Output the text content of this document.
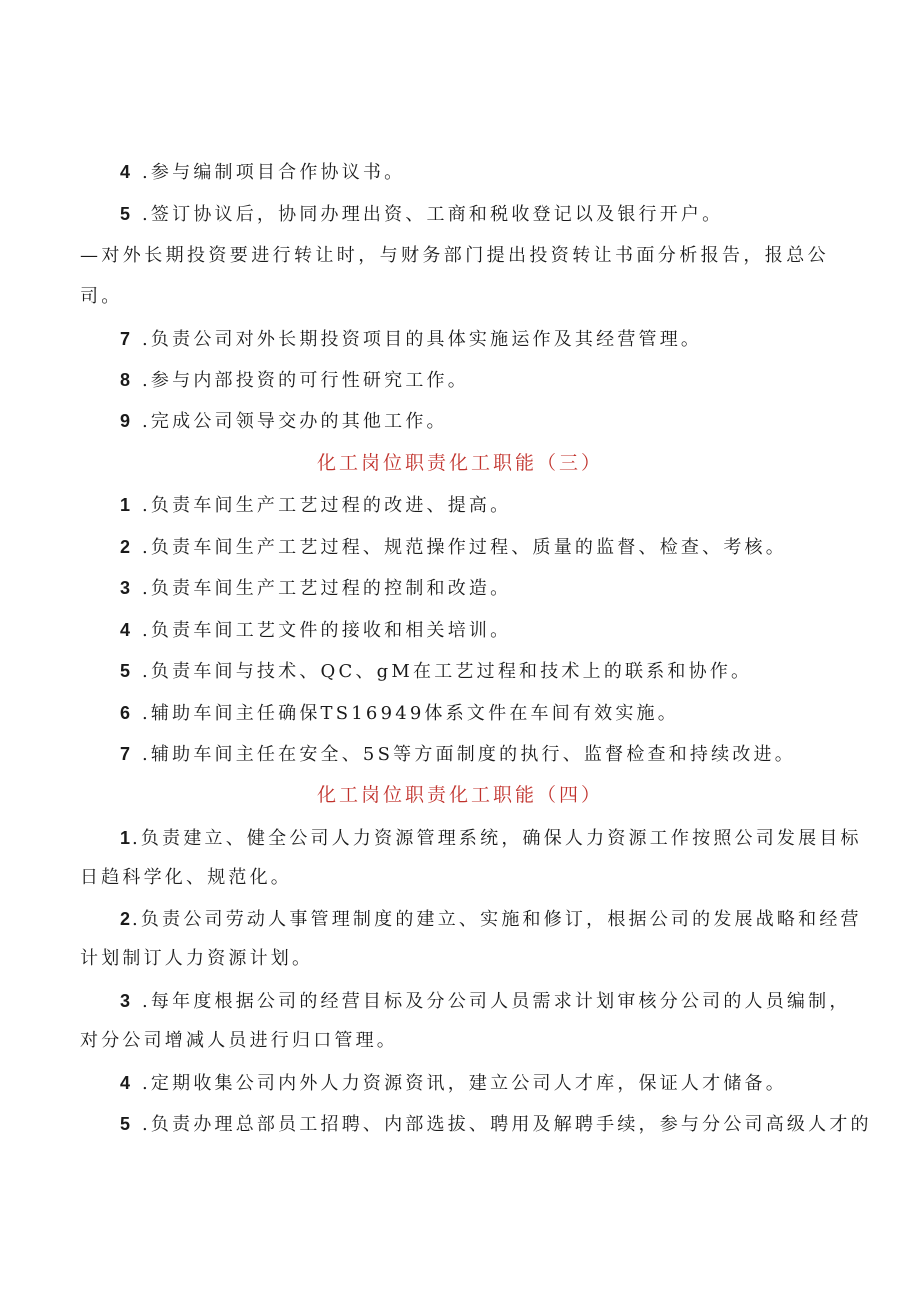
4 .参与编制项目合作协议书。
5 .签订协议后，协同办理出资、工商和税收登记以及银行开户。
—对外长期投资要进行转让时，与财务部门提出投资转让书面分析报告，报总公
司。
7 .负责公司对外长期投资项目的具体实施运作及其经营管理。
8 .参与内部投资的可行性研究工作。
9 .完成公司领导交办的其他工作。
化工岗位职责化工职能（三）
1 .负责车间生产工艺过程的改进、提高。
2 .负责车间生产工艺过程、规范操作过程、质量的监督、检查、考核。
3 .负责车间生产工艺过程的控制和改造。
4 .负责车间工艺文件的接收和相关培训。
5 .负责车间与技术、QC、gM在工艺过程和技术上的联系和协作。
6 .辅助车间主任确保TS16949体系文件在车间有效实施。
7 .辅助车间主任在安全、5S等方面制度的执行、监督检查和持续改进。
化工岗位职责化工职能（四）
1 .负责建立、健全公司人力资源管理系统，确保人力资源工作按照公司发展目标
日趋科学化、规范化。
2 .负责公司劳动人事管理制度的建立、实施和修订，根据公司的发展战略和经营
计划制订人力资源计划。
3 .每年度根据公司的经营目标及分公司人员需求计划审核分公司的人员编制，
对分公司增减人员进行归口管理。
4 .定期收集公司内外人力资源资讯，建立公司人才库，保证人才储备。
5 .负责办理总部员工招聘、内部选拔、聘用及解聘手续，参与分公司高级人才的
